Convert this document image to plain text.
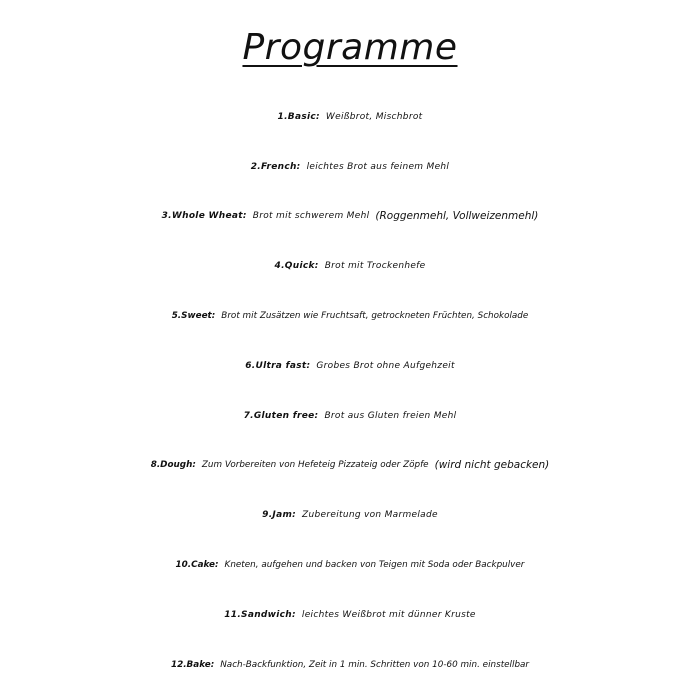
Programme
1.Basic: Weißbrot, Mischbrot
2.French: leichtes Brot aus feinem Mehl
3.Whole Wheat: Brot mit schwerem Mehl (Roggenmehl, Vollweizenmehl)
4.Quick: Brot mit Trockenhefe
5.Sweet: Brot mit Zusätzen wie Fruchtsaft, getrockneten Früchten, Schokolade
6.Ultra fast: Grobes Brot ohne Aufgehzeit
7.Gluten free: Brot aus Gluten freien Mehl
8.Dough: Zum Vorbereiten von Hefeteig Pizzateig oder Zöpfe (wird nicht gebacken)
9.Jam: Zubereitung von Marmelade
10.Cake: Kneten, aufgehen und backen von Teigen mit Soda oder Backpulver
11.Sandwich: leichtes Weißbrot mit dünner Kruste
12.Bake: Nach-Backfunktion, Zeit in 1 min. Schritten von 10-60 min. einstellbar
